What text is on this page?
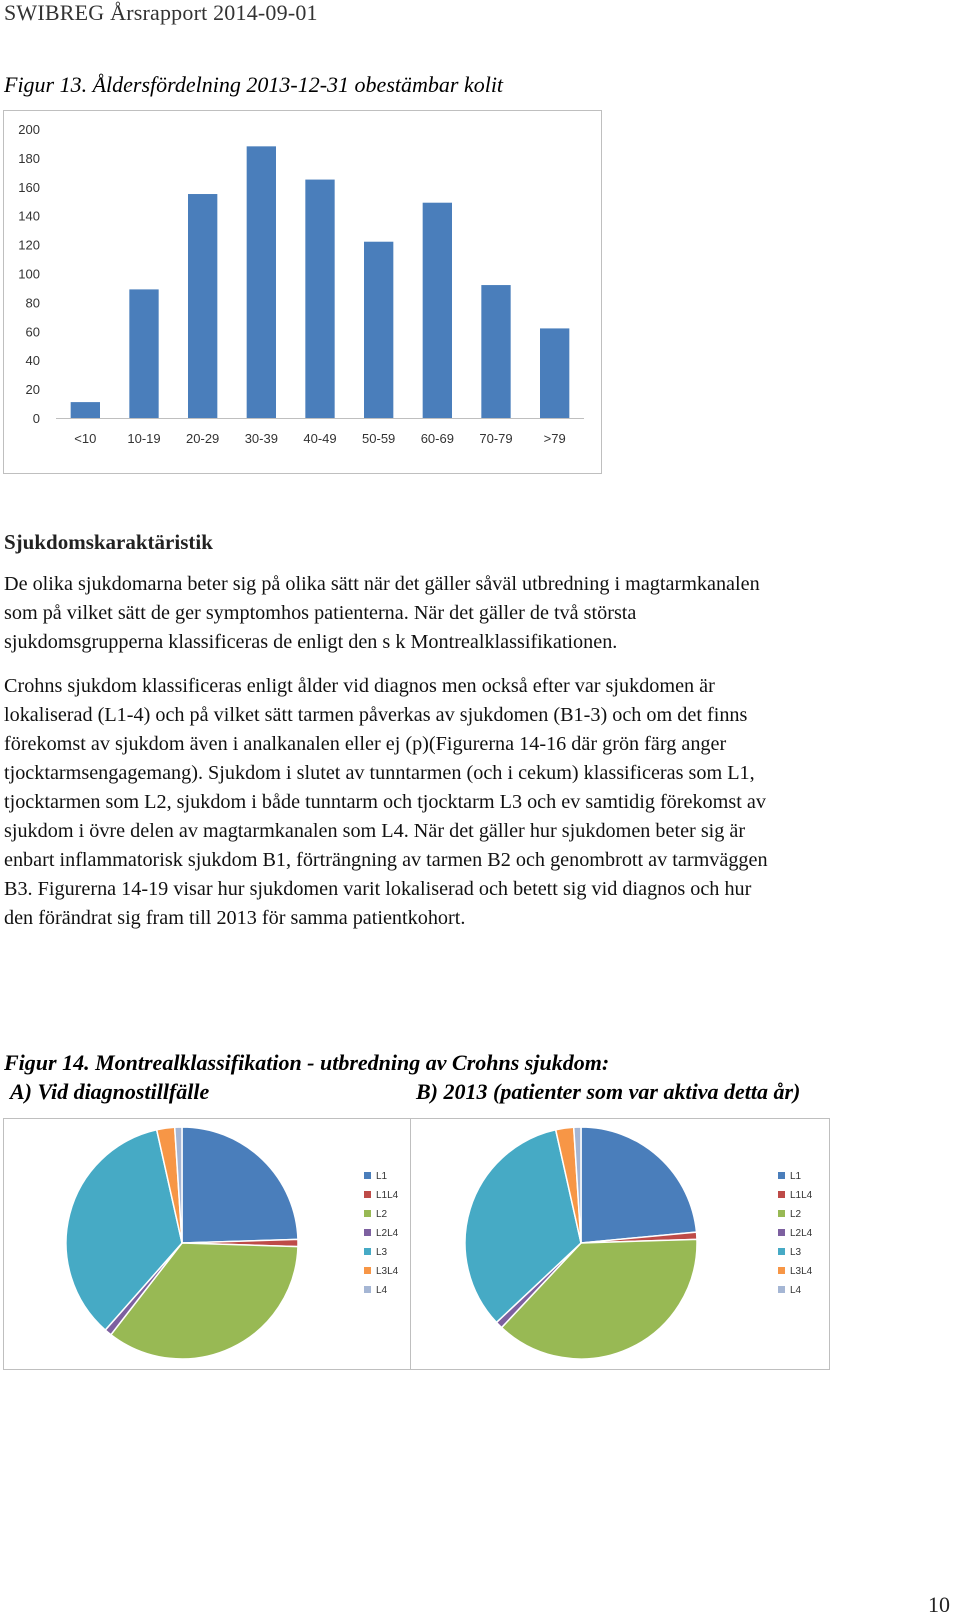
SWIBREG Årsrapport 2014-09-01
Figur 13. Åldersfördelning 2013-12-31 obestämbar kolit
0
20
40
60
80
100
120
140
160
180
200
<10 10-19 20-29 30-39 40-49 50-59 60-69 70-79 >79
Sjukdomskaraktäristik
De olika sjukdomarna beter sig på olika sätt när det gäller såväl utbredning i magtarmkanalen
som på vilket sätt de ger symptomhos patienterna. När det gäller de två största
sjukdomsgrupperna klassificeras de enligt den s k Montrealklassifikationen.
Crohns sjukdom klassificeras enligt ålder vid diagnos men också efter var sjukdomen är
lokaliserad (L1-4) och på vilket sätt tarmen påverkas av sjukdomen (B1-3) och om det finns
förekomst av sjukdom även i analkanalen eller ej (p)(Figurerna 14-16 där grön färg anger
tjocktarmsengagemang). Sjukdom i slutet av tunntarmen (och i cekum) klassificeras som L1,
tjocktarmen som L2, sjukdom i både tunntarm och tjocktarm L3 och ev samtidig förekomst av
sjukdom i övre delen av magtarmkanalen som L4. När det gäller hur sjukdomen beter sig är
enbart inflammatorisk sjukdom B1, förträngning av tarmen B2 och genombrott av tarmväggen
B3. Figurerna 14-19 visar hur sjukdomen varit lokaliserad och betett sig vid diagnos och hur
den förändrat sig fram till 2013 för samma patientkohort.
Figur 14. Montrealklassifikation - utbredning av Crohns sjukdom:
A) Vid diagnostillfälle	B) 2013 (patienter som var aktiva detta år)
L1
L1L4
L2
L2L4
L3
L3L4
L4
L1
L1L4
L2
L2L4
L3
L3L4
L4
10
